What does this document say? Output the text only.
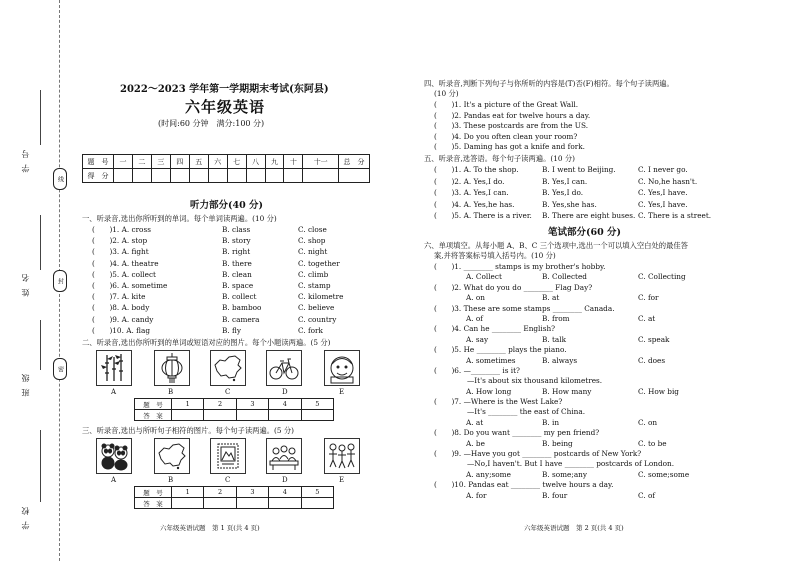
学 号
姓 名
班 级
学 校
线
封
密
2022～2023 学年第一学期期末考试(东阿县)
六年级英语
(时间:60 分钟　满分:100 分)
题　号	一	二	三	四	五	六	七	八	九	十	十一	总　分
得　分												
听力部分(40 分)
一、听录音,选出你所听到的单词。每个单词读两遍。(10 分)
(　　)1. A. cross	B. class	C. close
(　　)2. A. stop	B. story	C. shop
(　　)3. A. fight	B. right	C. night
(　　)4. A. theatre	B. there	C. together
(　　)5. A. collect	B. clean	C. climb
(　　)6. A. sometime	B. space	C. stamp
(　　)7. A. kite	B. collect	C. kilometre
(　　)8. A. body	B. bamboo	C. believe
(　　)9. A. candy	B. camera	C. country
(　　)10. A. flag	B. fly	C. fork
二、听录音,选出你所听到的单词或短语对应的图片。每个小题读两遍。(5 分)
A	B	C	D	E
题　号	1	2	3	4	5
答　案					
三、听录音,选出与所听句子相符的图片。每个句子读两遍。(5 分)
A	B	C	D	E
题　号	1	2	3	4	5
答　案					
六年级英语试题　第 1 页(共 4 页)
四、听录音,判断下列句子与你所听的内容是(T)否(F)相符。每个句子读两遍。
(10 分)
(　　)1. It's a picture of the Great Wall.
(　　)2. Pandas eat for twelve hours a day.
(　　)3. These postcards are from the US.
(　　)4. Do you often clean your room?
(　　)5. Daming has got a knife and fork.
五、听录音,选答语。每个句子读两遍。(10 分)
(　　)1. A. To the shop.	B. I went to Beijing.	C. I never go.
(　　)2. A. Yes,I do.	B. Yes,I can.	C. No,he hasn't.
(　　)3. A. Yes,I can.	B. Yes,I do.	C. Yes,I have.
(　　)4. A. Yes,he has.	B. Yes,she has.	C. Yes,I have.
(　　)5. A. There is a river. B. There are eight buses. C. There is a street.
笔试部分(60 分)
六、单项填空。从每小题 A、B、C 三个选项中,选出一个可以填入空白处的最佳答
案,并将答案标号填入括号内。(10 分)
(　　)1. ________ stamps is my brother's hobby.
A. Collect	B. Collected	C. Collecting
(　　)2. What do you do ________ Flag Day?
A. on	B. at	C. for
(　　)3. These are some stamps ________ Canada.
A. of	B. from	C. at
(　　)4. Can he ________ English?
A. say	B. talk	C. speak
(　　)5. He ________ plays the piano.
A. sometimes	B. always	C. does
(　　)6. —________ is it?
—It's about six thousand kilometres.
A. How long	B. How many	C. How big
(　　)7. —Where is the West Lake?
—It's ________ the east of China.
A. at	B. in	C. on
(　　)8. Do you want ________ my pen friend?
A. be	B. being	C. to be
(　　)9. —Have you got ________ postcards of New York?
—No,I haven't. But I have ________ postcards of London.
A. any;some	B. some;any	C. some;some
(　　)10. Pandas eat ________ twelve hours a day.
A. for	B. four	C. of
六年级英语试题　第 2 页(共 4 页)
